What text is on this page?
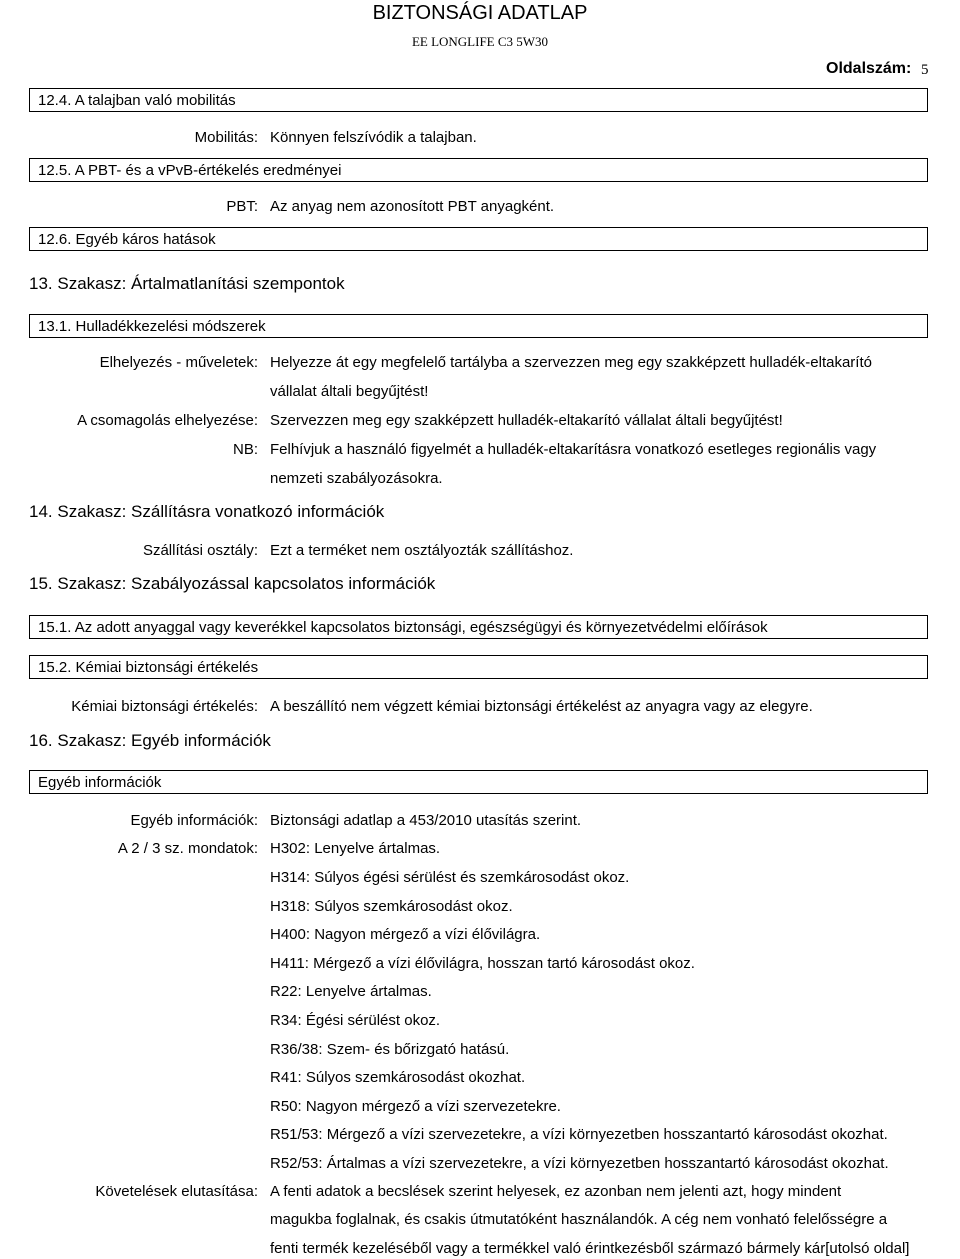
BIZTONSÁGI ADATLAP
EE LONGLIFE C3 5W30
Oldalszám: 5
12.4. A talajban való mobilitás
Mobilitás: Könnyen felszívódik a talajban.
12.5. A PBT- és a vPvB-értékelés eredményei
PBT: Az anyag nem azonosított PBT anyagként.
12.6. Egyéb káros hatások
13. Szakasz: Ártalmatlanítási szempontok
13.1. Hulladékkezelési módszerek
Elhelyezés - műveletek: Helyezze át egy megfelelő tartályba a szervezzen meg egy szakképzett hulladék-eltakarító
vállalat általi begyűjtést!
A csomagolás elhelyezése: Szervezzen meg egy szakképzett hulladék-eltakarító vállalat általi begyűjtést!
NB: Felhívjuk a használó figyelmét a hulladék-eltakarításra vonatkozó esetleges regionális vagy
nemzeti szabályozásokra.
14. Szakasz: Szállításra vonatkozó információk
Szállítási osztály: Ezt a terméket nem osztályozták szállításhoz.
15. Szakasz: Szabályozással kapcsolatos információk
15.1. Az adott anyaggal vagy keverékkel kapcsolatos biztonsági, egészségügyi és környezetvédelmi előírások
15.2. Kémiai biztonsági értékelés
Kémiai biztonsági értékelés: A beszállító nem végzett kémiai biztonsági értékelést az anyagra vagy az elegyre.
16. Szakasz: Egyéb információk
Egyéb információk
Egyéb információk: Biztonsági adatlap a 453/2010 utasítás szerint.
A 2 / 3 sz. mondatok: H302: Lenyelve ártalmas.
H314: Súlyos égési sérülést és szemkárosodást okoz.
H318: Súlyos szemkárosodást okoz.
H400: Nagyon mérgező a vízi élővilágra.
H411: Mérgező a vízi élővilágra, hosszan tartó károsodást okoz.
R22: Lenyelve ártalmas.
R34: Égési sérülést okoz.
R36/38: Szem- és bőrizgató hatású.
R41: Súlyos szemkárosodást okozhat.
R50: Nagyon mérgező a vízi szervezetekre.
R51/53: Mérgező a vízi szervezetekre, a vízi környezetben hosszantartó károsodást okozhat.
R52/53: Ártalmas a vízi szervezetekre, a vízi környezetben hosszantartó károsodást okozhat.
Követelések elutasítása: A fenti adatok a becslések szerint helyesek, ez azonban nem jelenti azt, hogy mindent
magukba foglalnak, és csakis útmutatóként használandók. A cég nem vonható felelősségre a
fenti termék kezeléséből vagy a termékkel való érintkezésből származó bármely kár[utolsó oldal]
